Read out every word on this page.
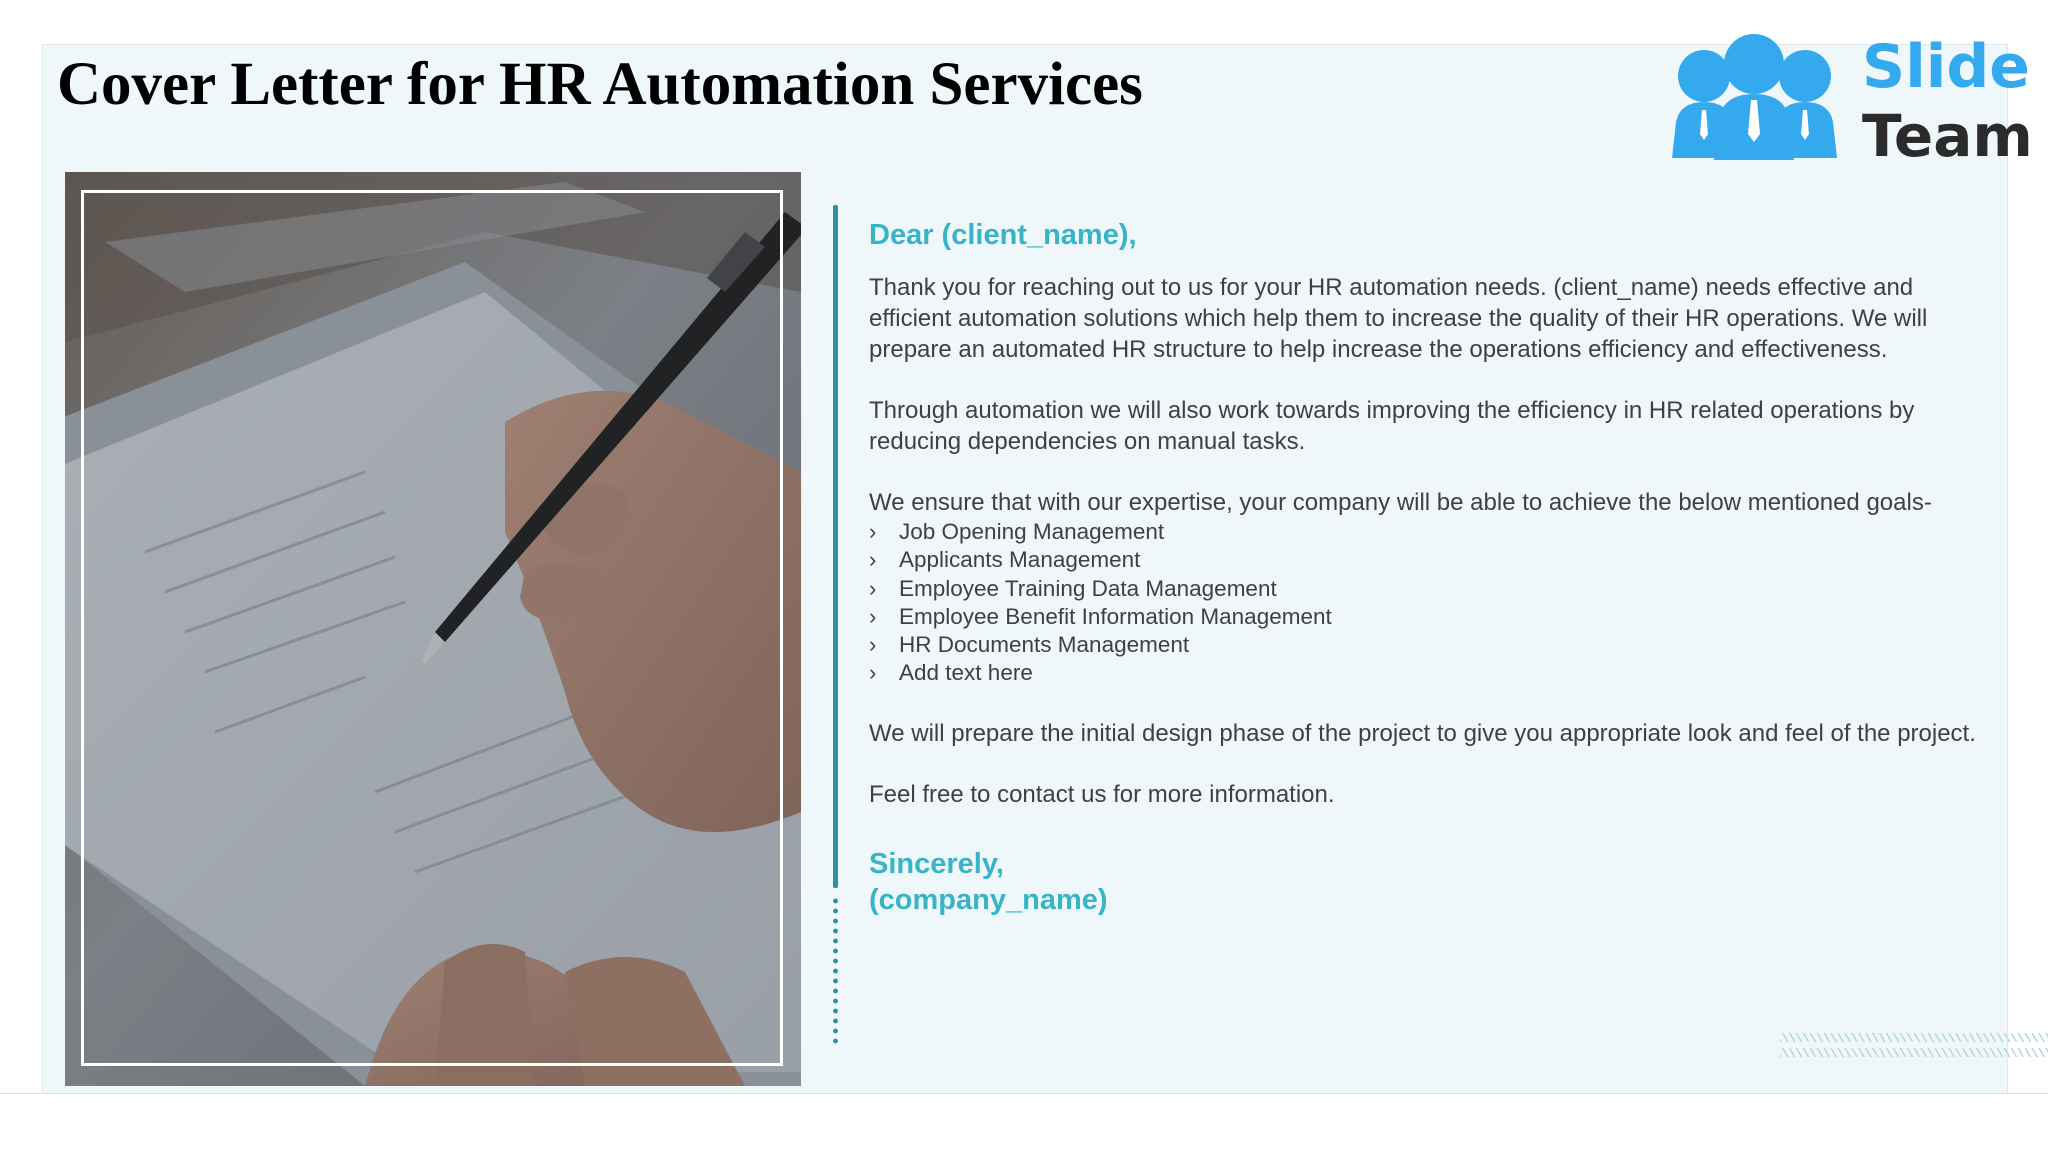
Cover Letter for HR Automation Services	Slide
Team

Dear (client_name),

Thank you for reaching out to us for your HR automation needs. (client_name) needs effective and efficient automation solutions which help them to increase the quality of their HR operations. We will prepare an automated HR structure to help increase the operations efficiency and effectiveness.

Through automation we will also work towards improving the efficiency in HR related operations by reducing dependencies on manual tasks.

We ensure that with our expertise, your company will be able to achieve the below mentioned goals-

› Job Opening Management
› Applicants Management
› Employee Training Data Management
› Employee Benefit Information Management
› HR Documents Management
› Add text here

We will prepare the initial design phase of the project to give you appropriate look and feel of the project.

Feel free to contact us for more information.

Sincerely,

(company_name)
